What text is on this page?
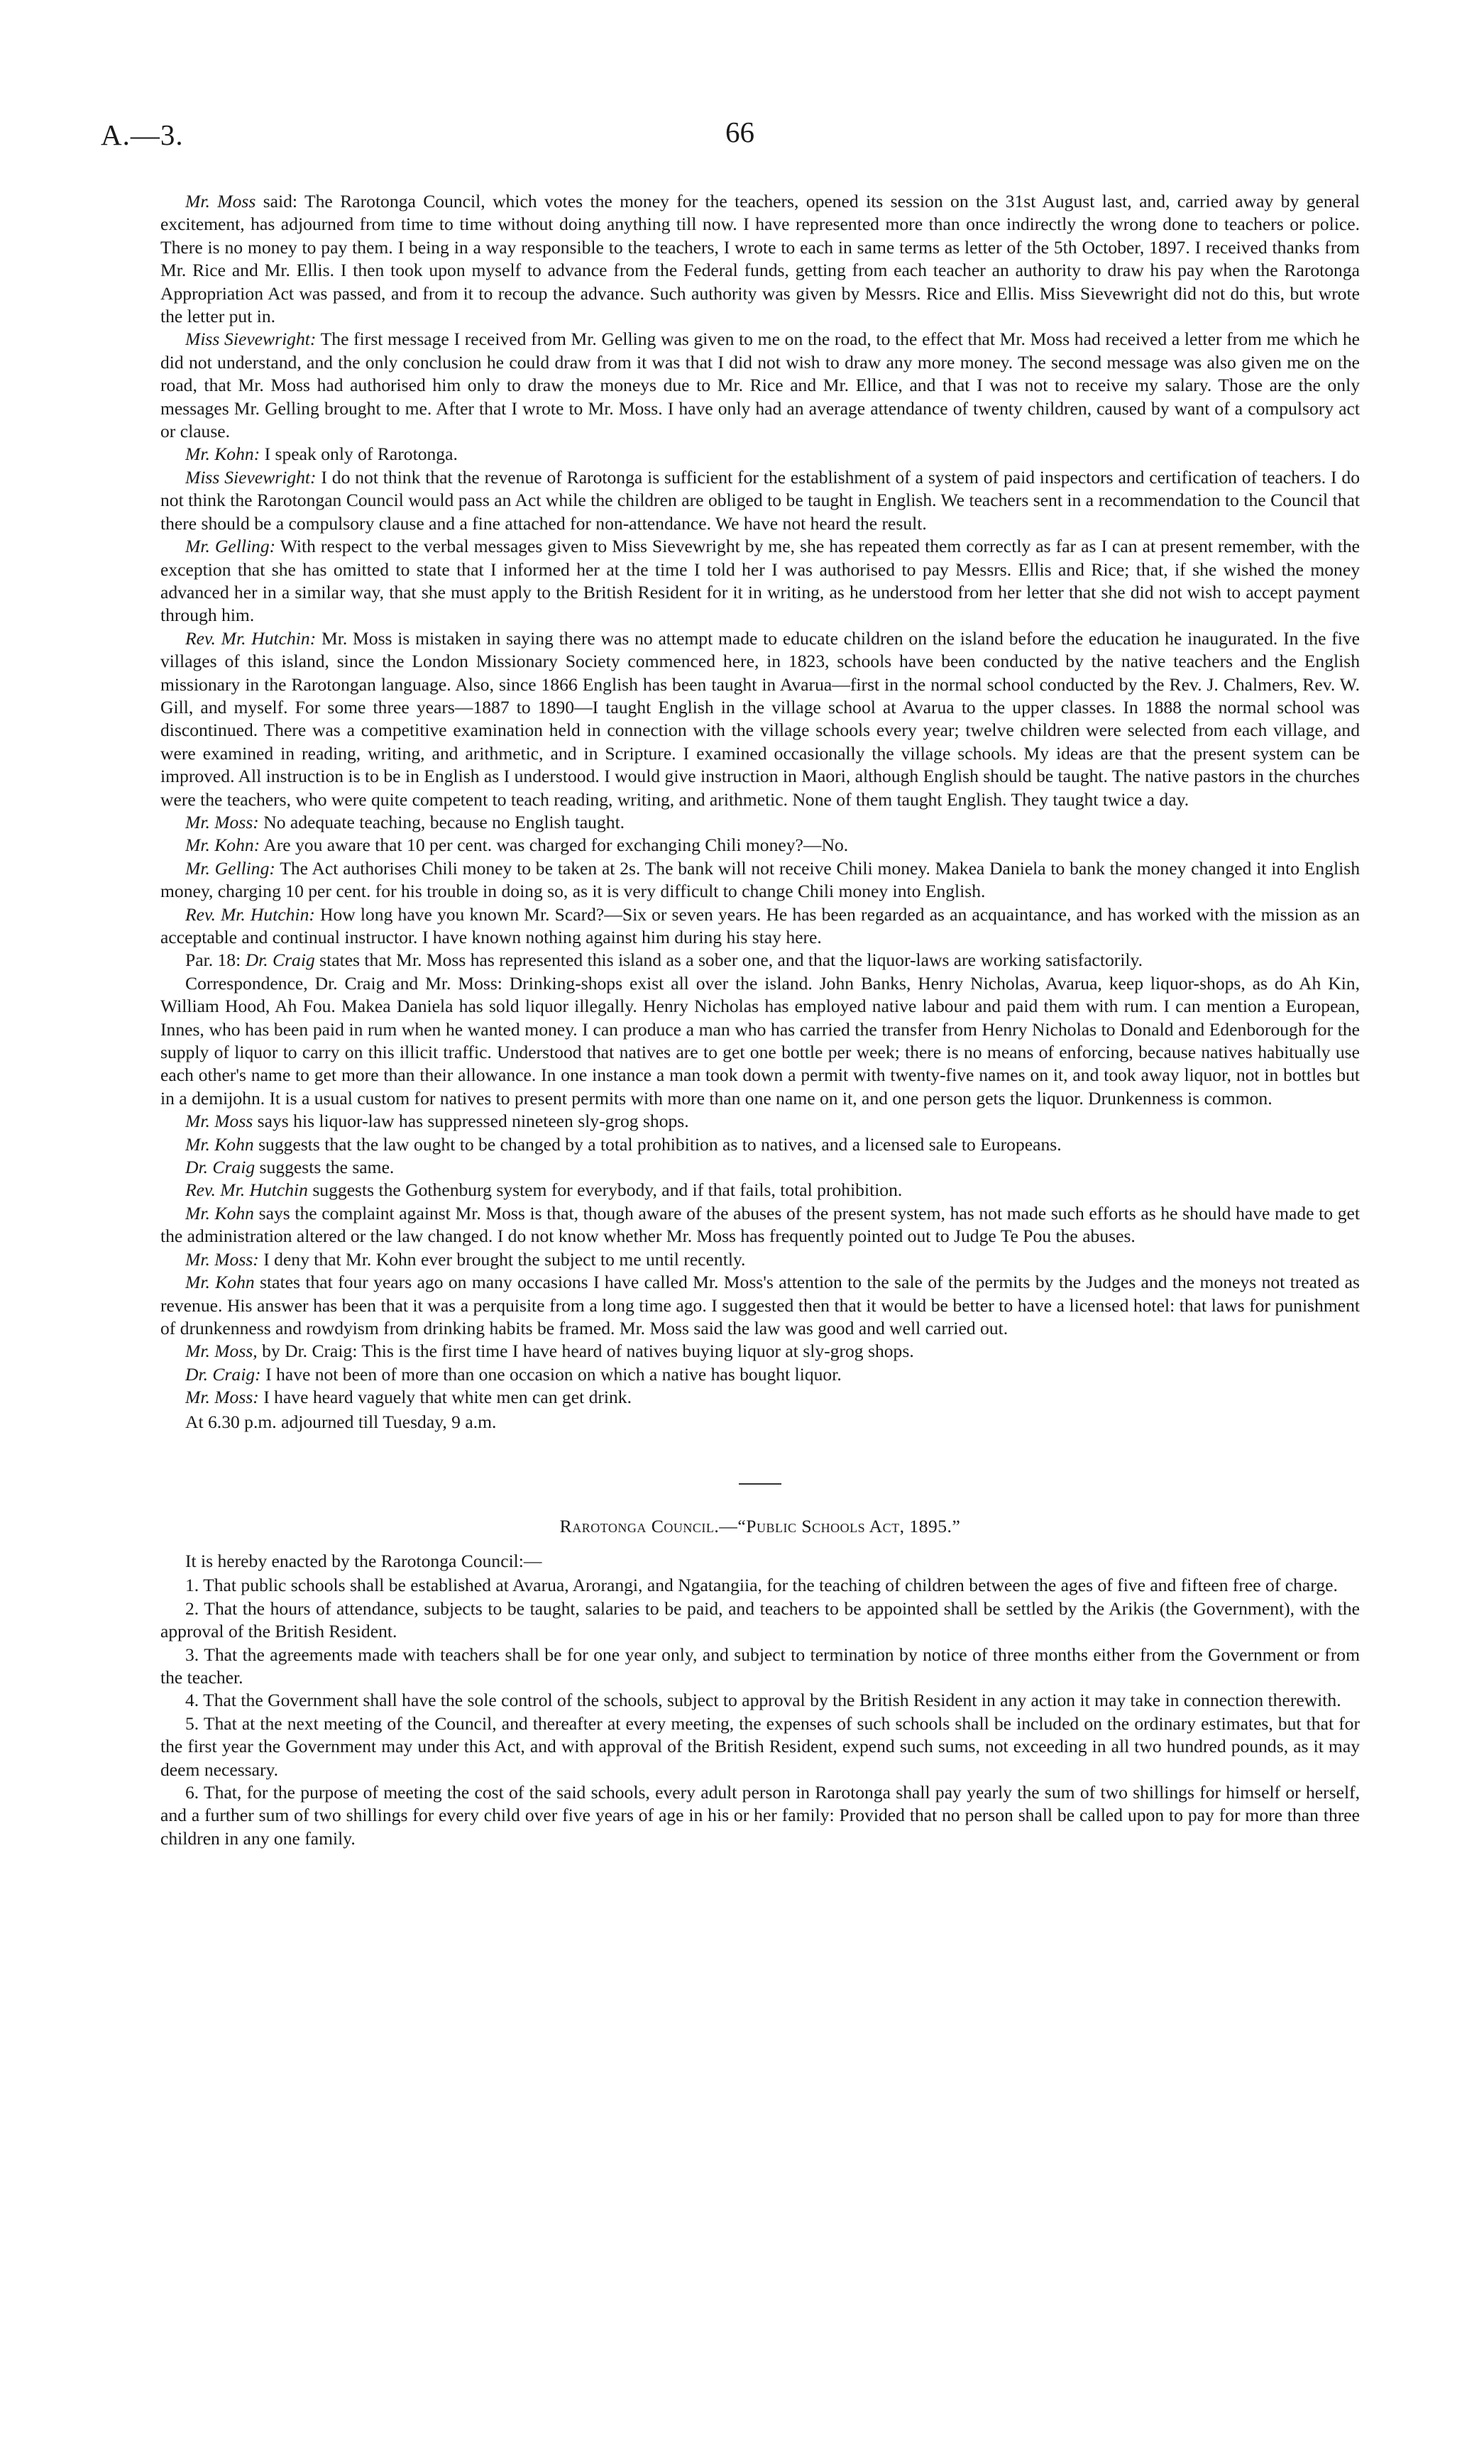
A.—3.	66

Mr. Moss said: The Rarotonga Council, which votes the money for the teachers, opened its session on the 31st August last, and, carried away by general excitement, has adjourned from time to time without doing anything till now. I have represented more than once indirectly the wrong done to teachers or police. There is no money to pay them. I being in a way responsible to the teachers, I wrote to each in same terms as letter of the 5th October, 1897. I received thanks from Mr. Rice and Mr. Ellis. I then took upon myself to advance from the Federal funds, getting from each teacher an authority to draw his pay when the Rarotonga Appropriation Act was passed, and from it to recoup the advance. Such authority was given by Messrs. Rice and Ellis. Miss Sievewright did not do this, but wrote the letter put in.

Miss Sievewright: The first message I received from Mr. Gelling was given to me on the road, to the effect that Mr. Moss had received a letter from me which he did not understand, and the only conclusion he could draw from it was that I did not wish to draw any more money. The second message was also given me on the road, that Mr. Moss had authorised him only to draw the moneys due to Mr. Rice and Mr. Ellice, and that I was not to receive my salary. Those are the only messages Mr. Gelling brought to me. After that I wrote to Mr. Moss. I have only had an average attendance of twenty children, caused by want of a compulsory act or clause.

Mr. Kohn: I speak only of Rarotonga.

Miss Sievewright: I do not think that the revenue of Rarotonga is sufficient for the establishment of a system of paid inspectors and certification of teachers. I do not think the Rarotongan Council would pass an Act while the children are obliged to be taught in English. We teachers sent in a recommendation to the Council that there should be a compulsory clause and a fine attached for non-attendance. We have not heard the result.

Mr. Gelling: With respect to the verbal messages given to Miss Sievewright by me, she has repeated them correctly as far as I can at present remember, with the exception that she has omitted to state that I informed her at the time I told her I was authorised to pay Messrs. Ellis and Rice; that, if she wished the money advanced her in a similar way, that she must apply to the British Resident for it in writing, as he understood from her letter that she did not wish to accept payment through him.

Rev. Mr. Hutchin: Mr. Moss is mistaken in saying there was no attempt made to educate children on the island before the education he inaugurated. In the five villages of this island, since the London Missionary Society commenced here, in 1823, schools have been conducted by the native teachers and the English missionary in the Rarotongan language. Also, since 1866 English has been taught in Avarua—first in the normal school conducted by the Rev. J. Chalmers, Rev. W. Gill, and myself. For some three years—1887 to 1890—I taught English in the village school at Avarua to the upper classes. In 1888 the normal school was discontinued. There was a competitive examination held in connection with the village schools every year; twelve children were selected from each village, and were examined in reading, writing, and arithmetic, and in Scripture. I examined occasionally the village schools. My ideas are that the present system can be improved. All instruction is to be in English as I understood. I would give instruction in Maori, although English should be taught. The native pastors in the churches were the teachers, who were quite competent to teach reading, writing, and arithmetic. None of them taught English. They taught twice a day.

Mr. Moss: No adequate teaching, because no English taught.

Mr. Kohn: Are you aware that 10 per cent. was charged for exchanging Chili money?—No.

Mr. Gelling: The Act authorises Chili money to be taken at 2s. The bank will not receive Chili money. Makea Daniela to bank the money changed it into English money, charging 10 per cent. for his trouble in doing so, as it is very difficult to change Chili money into English.

Rev. Mr. Hutchin: How long have you known Mr. Scard?—Six or seven years. He has been regarded as an acquaintance, and has worked with the mission as an acceptable and continual instructor. I have known nothing against him during his stay here.

Par. 18: Dr. Craig states that Mr. Moss has represented this island as a sober one, and that the liquor-laws are working satisfactorily.

Correspondence, Dr. Craig and Mr. Moss: Drinking-shops exist all over the island. John Banks, Henry Nicholas, Avarua, keep liquor-shops, as do Ah Kin, William Hood, Ah Fou. Makea Daniela has sold liquor illegally. Henry Nicholas has employed native labour and paid them with rum. I can mention a European, Innes, who has been paid in rum when he wanted money. I can produce a man who has carried the transfer from Henry Nicholas to Donald and Edenborough for the supply of liquor to carry on this illicit traffic. Understood that natives are to get one bottle per week; there is no means of enforcing, because natives habitually use each other's name to get more than their allowance. In one instance a man took down a permit with twenty-five names on it, and took away liquor, not in bottles but in a demijohn. It is a usual custom for natives to present permits with more than one name on it, and one person gets the liquor. Drunkenness is common.

Mr. Moss says his liquor-law has suppressed nineteen sly-grog shops.

Mr. Kohn suggests that the law ought to be changed by a total prohibition as to natives, and a licensed sale to Europeans.

Dr. Craig suggests the same.

Rev. Mr. Hutchin suggests the Gothenburg system for everybody, and if that fails, total prohibition.

Mr. Kohn says the complaint against Mr. Moss is that, though aware of the abuses of the present system, has not made such efforts as he should have made to get the administration altered or the law changed. I do not know whether Mr. Moss has frequently pointed out to Judge Te Pou the abuses.

Mr. Moss: I deny that Mr. Kohn ever brought the subject to me until recently.

Mr. Kohn states that four years ago on many occasions I have called Mr. Moss's attention to the sale of the permits by the Judges and the moneys not treated as revenue. His answer has been that it was a perquisite from a long time ago. I suggested then that it would be better to have a licensed hotel: that laws for punishment of drunkenness and rowdyism from drinking habits be framed. Mr. Moss said the law was good and well carried out.

Mr. Moss, by Dr. Craig: This is the first time I have heard of natives buying liquor at sly-grog shops.

Dr. Craig: I have not been of more than one occasion on which a native has bought liquor.

Mr. Moss: I have heard vaguely that white men can get drink.

At 6.30 p.m. adjourned till Tuesday, 9 a.m.

Rarotonga Council.—“Public Schools Act, 1895.”

It is hereby enacted by the Rarotonga Council:—

1. That public schools shall be established at Avarua, Arorangi, and Ngatangiia, for the teaching of children between the ages of five and fifteen free of charge.

2. That the hours of attendance, subjects to be taught, salaries to be paid, and teachers to be appointed shall be settled by the Arikis (the Government), with the approval of the British Resident.

3. That the agreements made with teachers shall be for one year only, and subject to termination by notice of three months either from the Government or from the teacher.

4. That the Government shall have the sole control of the schools, subject to approval by the British Resident in any action it may take in connection therewith.

5. That at the next meeting of the Council, and thereafter at every meeting, the expenses of such schools shall be included on the ordinary estimates, but that for the first year the Government may under this Act, and with approval of the British Resident, expend such sums, not exceeding in all two hundred pounds, as it may deem necessary.

6. That, for the purpose of meeting the cost of the said schools, every adult person in Rarotonga shall pay yearly the sum of two shillings for himself or herself, and a further sum of two shillings for every child over five years of age in his or her family: Provided that no person shall be called upon to pay for more than three children in any one family.
